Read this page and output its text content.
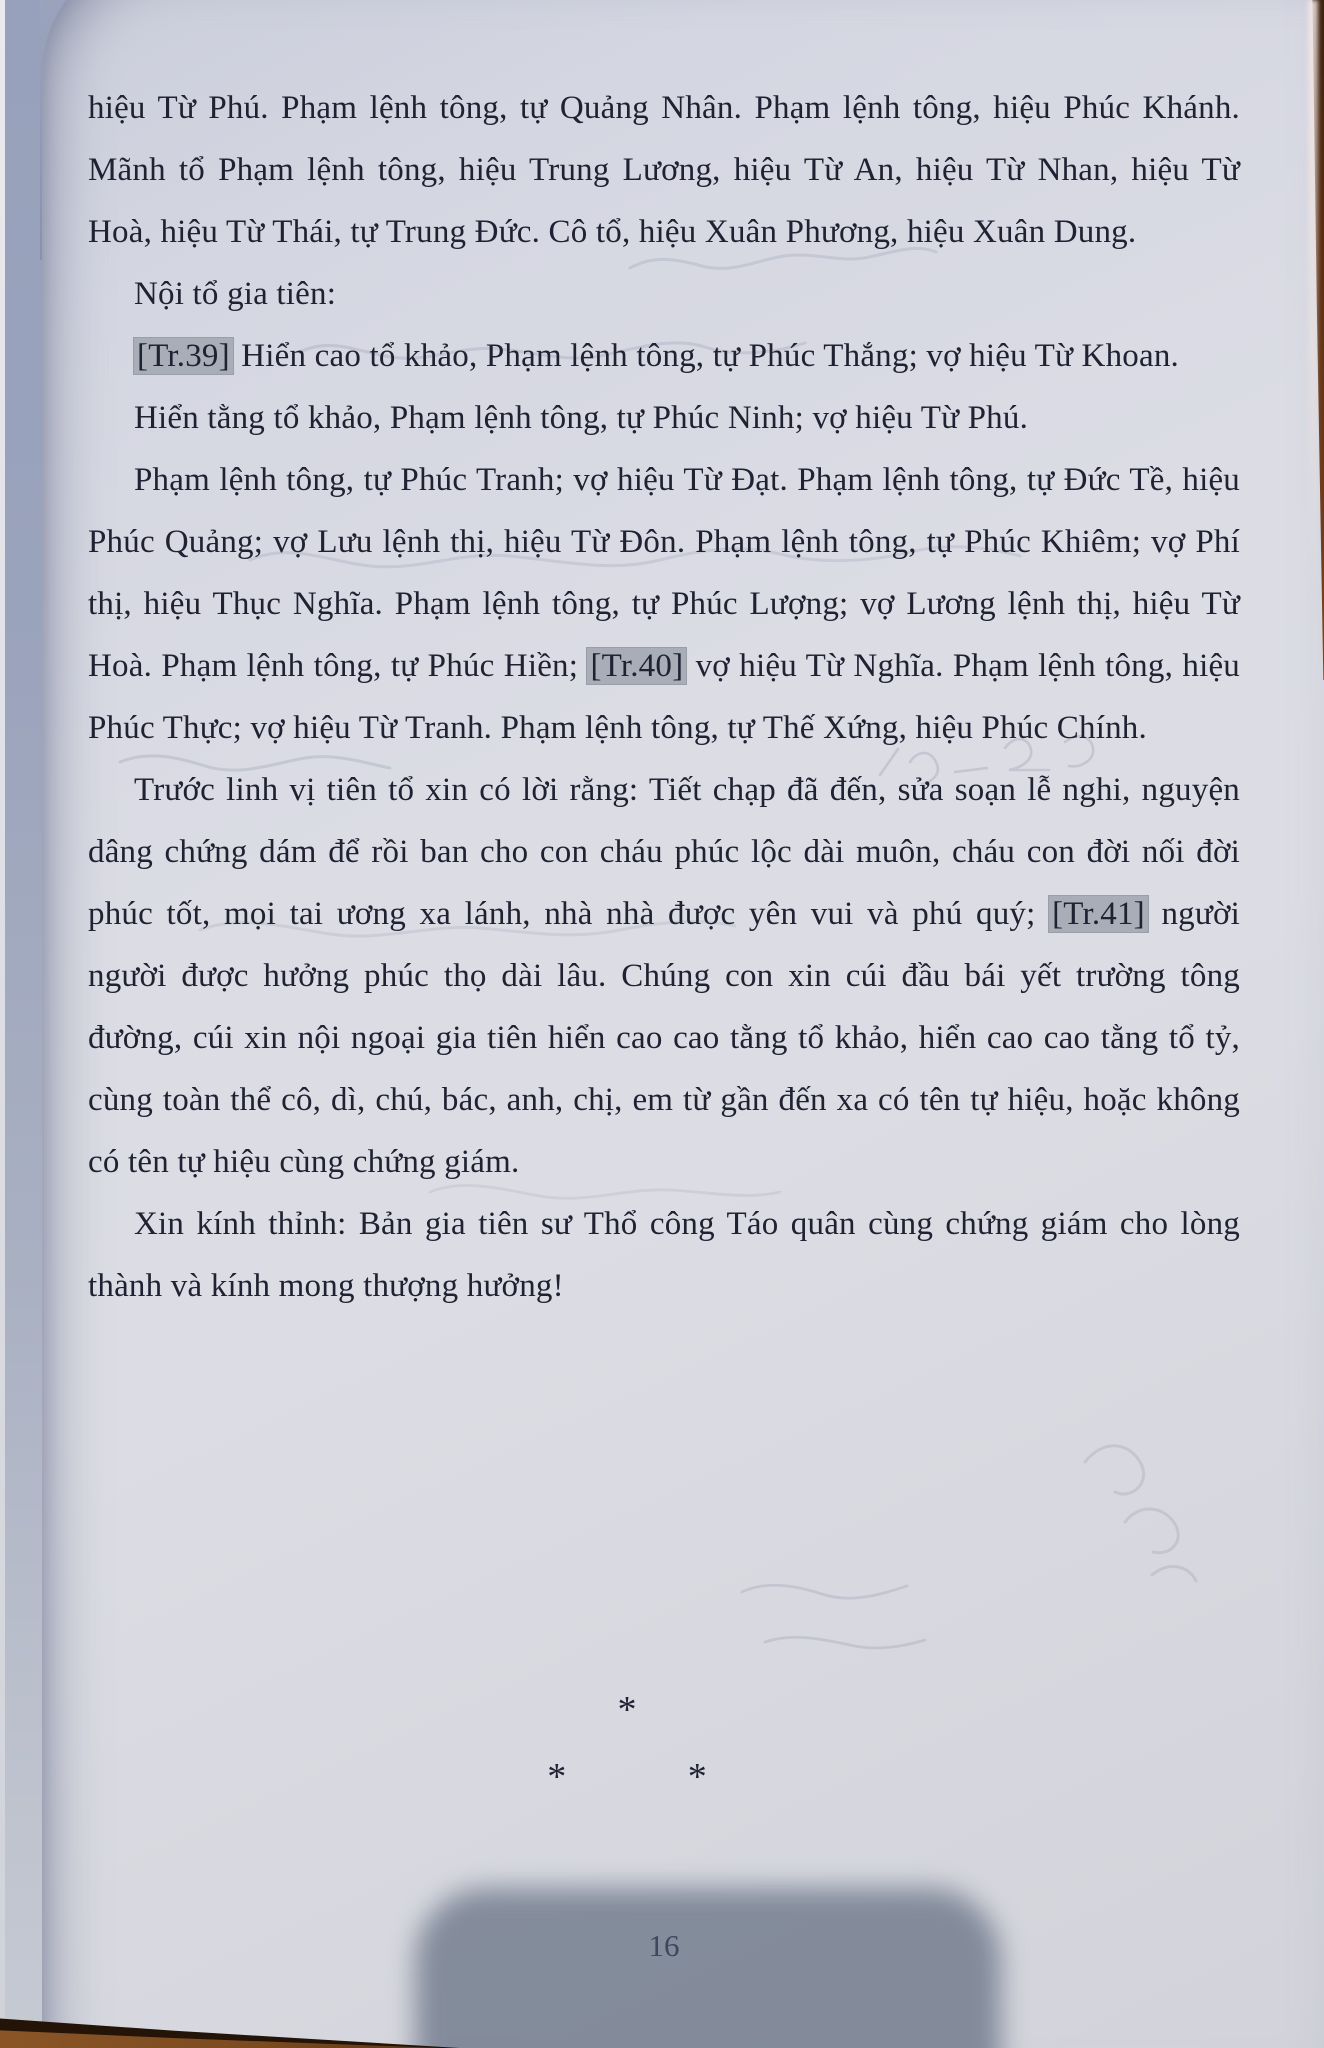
hiệu Từ Phú. Phạm lệnh tông, tự Quảng Nhân. Phạm lệnh tông, hiệu Phúc Khánh. Mãnh tổ Phạm lệnh tông, hiệu Trung Lương, hiệu Từ An, hiệu Từ Nhan, hiệu Từ Hoà, hiệu Từ Thái, tự Trung Đức. Cô tổ, hiệu Xuân Phương, hiệu Xuân Dung.

Nội tổ gia tiên:

[Tr.39] Hiển cao tổ khảo, Phạm lệnh tông, tự Phúc Thắng; vợ hiệu Từ Khoan.

Hiển tằng tổ khảo, Phạm lệnh tông, tự Phúc Ninh; vợ hiệu Từ Phú.

Phạm lệnh tông, tự Phúc Tranh; vợ hiệu Từ Đạt. Phạm lệnh tông, tự Đức Tề, hiệu Phúc Quảng; vợ Lưu lệnh thị, hiệu Từ Đôn. Phạm lệnh tông, tự Phúc Khiêm; vợ Phí thị, hiệu Thục Nghĩa. Phạm lệnh tông, tự Phúc Lượng; vợ Lương lệnh thị, hiệu Từ Hoà. Phạm lệnh tông, tự Phúc Hiền; [Tr.40] vợ hiệu Từ Nghĩa. Phạm lệnh tông, hiệu Phúc Thực; vợ hiệu Từ Tranh. Phạm lệnh tông, tự Thế Xứng, hiệu Phúc Chính.

Trước linh vị tiên tổ xin có lời rằng: Tiết chạp đã đến, sửa soạn lễ nghi, nguyện dâng chứng dám để rồi ban cho con cháu phúc lộc dài muôn, cháu con đời nối đời phúc tốt, mọi tai ương xa lánh, nhà nhà được yên vui và phú quý; [Tr.41] người người được hưởng phúc thọ dài lâu. Chúng con xin cúi đầu bái yết trường tông đường, cúi xin nội ngoại gia tiên hiển cao cao tằng tổ khảo, hiển cao cao tằng tổ tỷ, cùng toàn thể cô, dì, chú, bác, anh, chị, em từ gần đến xa có tên tự hiệu, hoặc không có tên tự hiệu cùng chứng giám.

Xin kính thỉnh: Bản gia tiên sư Thổ công Táo quân cùng chứng giám cho lòng thành và kính mong thượng hưởng!

*
*	*
